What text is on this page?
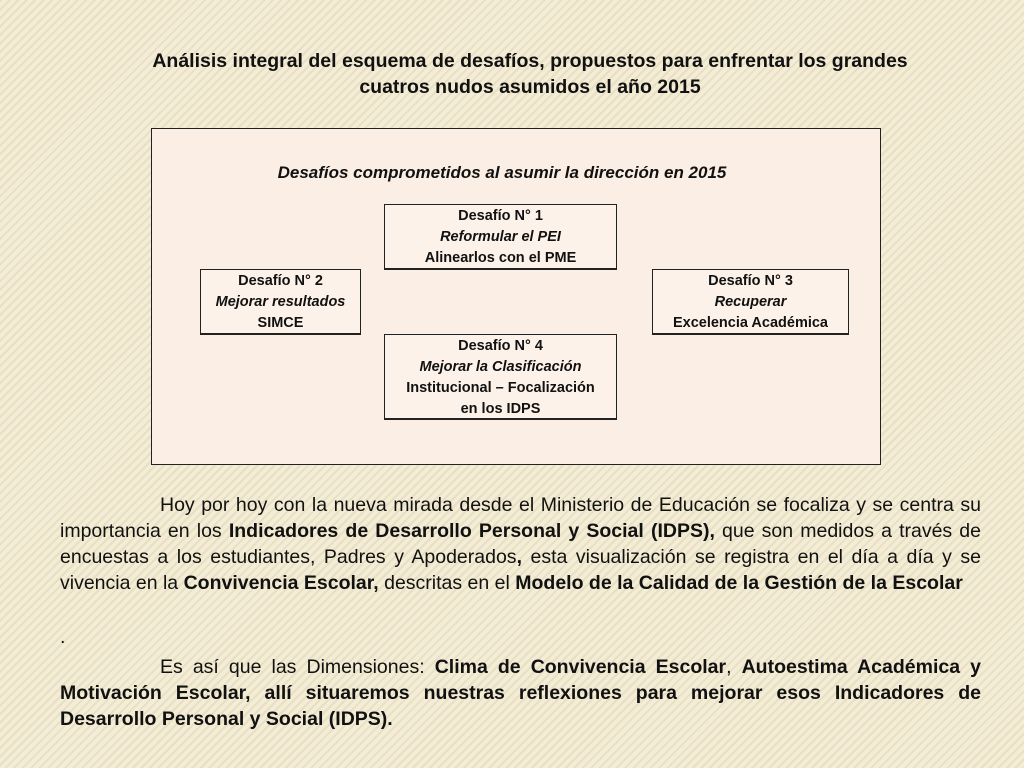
Análisis integral del esquema de desafíos, propuestos para enfrentar los grandes
cuatros nudos asumidos el año 2015
Desafíos comprometidos al asumir la dirección en 2015
Desafío N° 1
Reformular el PEI
Alinearlos con el PME
Desafío N° 2
Mejorar resultados
SIMCE
Desafío N° 3
Recuperar
Excelencia Académica
Desafío N° 4
Mejorar la Clasificación
Institucional – Focalización
en los IDPS

Hoy por hoy con la nueva mirada desde el Ministerio de Educación se focaliza y se centra su importancia en los Indicadores de Desarrollo Personal y Social (IDPS), que son medidos a través de encuestas a los estudiantes, Padres y Apoderados, esta visualización se registra en el día a día y se vivencia en la Convivencia Escolar, descritas en el Modelo de la Calidad de la Gestión de la Escolar

.

Es así que las Dimensiones: Clima de Convivencia Escolar, Autoestima Académica y Motivación Escolar, allí situaremos nuestras reflexiones para mejorar esos Indicadores de Desarrollo Personal y Social (IDPS).
